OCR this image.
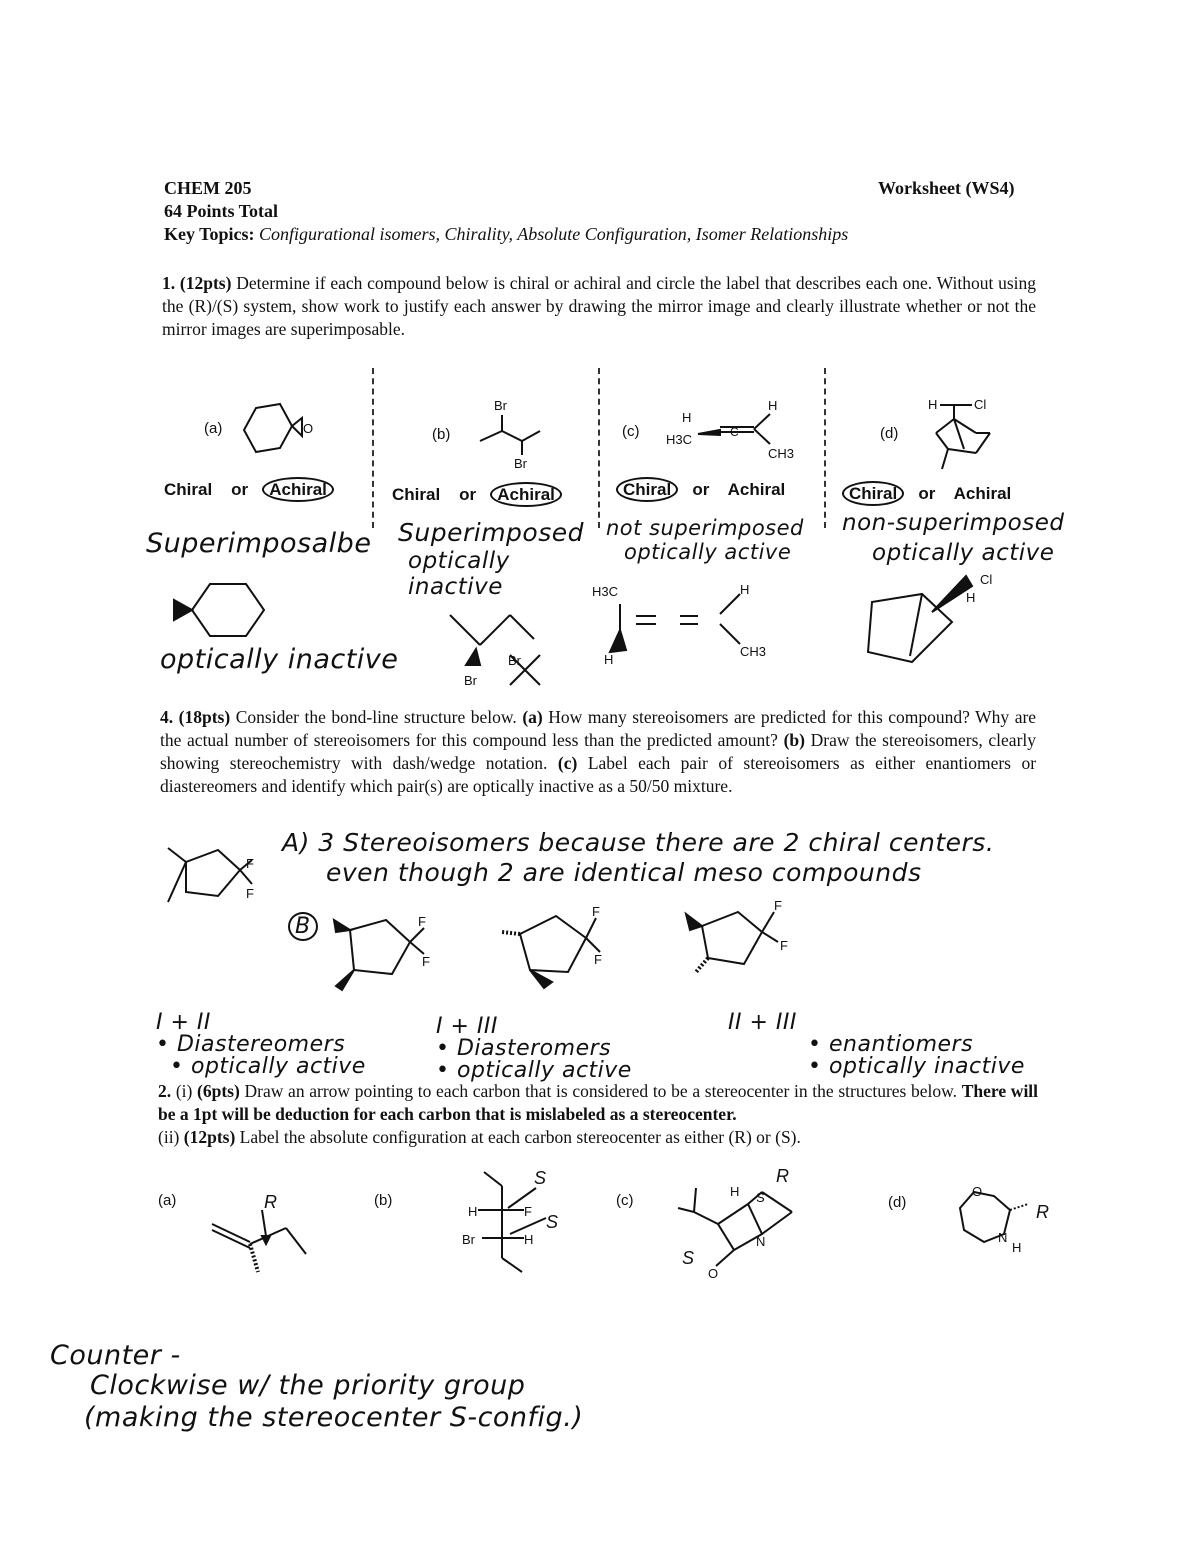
CHEM 205	Worksheet (WS4)
64 Points Total
Key Topics: Configurational isomers, Chirality, Absolute Configuration, Isomer Relationships
1. (12pts) Determine if each compound below is chiral or achiral and circle the label that describes each one. Without using the (R)/(S) system, show work to justify each answer by drawing the mirror image and clearly illustrate whether or not the mirror images are superimposable.
(a)	(b)	(c)	(d)
O
Br
Br
H
H3C	C
H
CH3
H	Cl
Chiral or Achiral	Chiral or Achiral	Chiral or Achiral	Chiral or Achiral
Superimposalbe
optically inactive
Superimposed
optically inactive
not superimposed
optically active
non-superimposed
optically active
Br
Br
H3C
H
H
CH3
H
Cl
4. (18pts) Consider the bond-line structure below. (a) How many stereoisomers are predicted for this compound? Why are the actual number of stereoisomers for this compound less than the predicted amount? (b) Draw the stereoisomers, clearly showing stereochemistry with dash/wedge notation. (c) Label each pair of stereoisomers as either enantiomers or diastereomers and identify which pair(s) are optically inactive as a 50/50 mixture.
F
F
A) 3 Stereoisomers because there are 2 chiral centers.
even though 2 are identical meso compounds
B	F
F
F
F
F
F
I + II
• Diastereomers
• optically active
I + III
• Diasteromers
• optically active
II + III
• enantiomers
• optically inactive
2. (i) (6pts) Draw an arrow pointing to each carbon that is considered to be a stereocenter in the structures below. There will be a 1pt will be deduction for each carbon that is mislabeled as a stereocenter.
(ii) (12pts) Label the absolute configuration at each carbon stereocenter as either (R) or (S).
(a)	(b)	(c)	(d)
R	H	F
Br	H
S
S
H S
N
O
R
S
O
N
H
R
Counter -
Clockwise w/ the priority group
(making the stereocenter S-config.)
